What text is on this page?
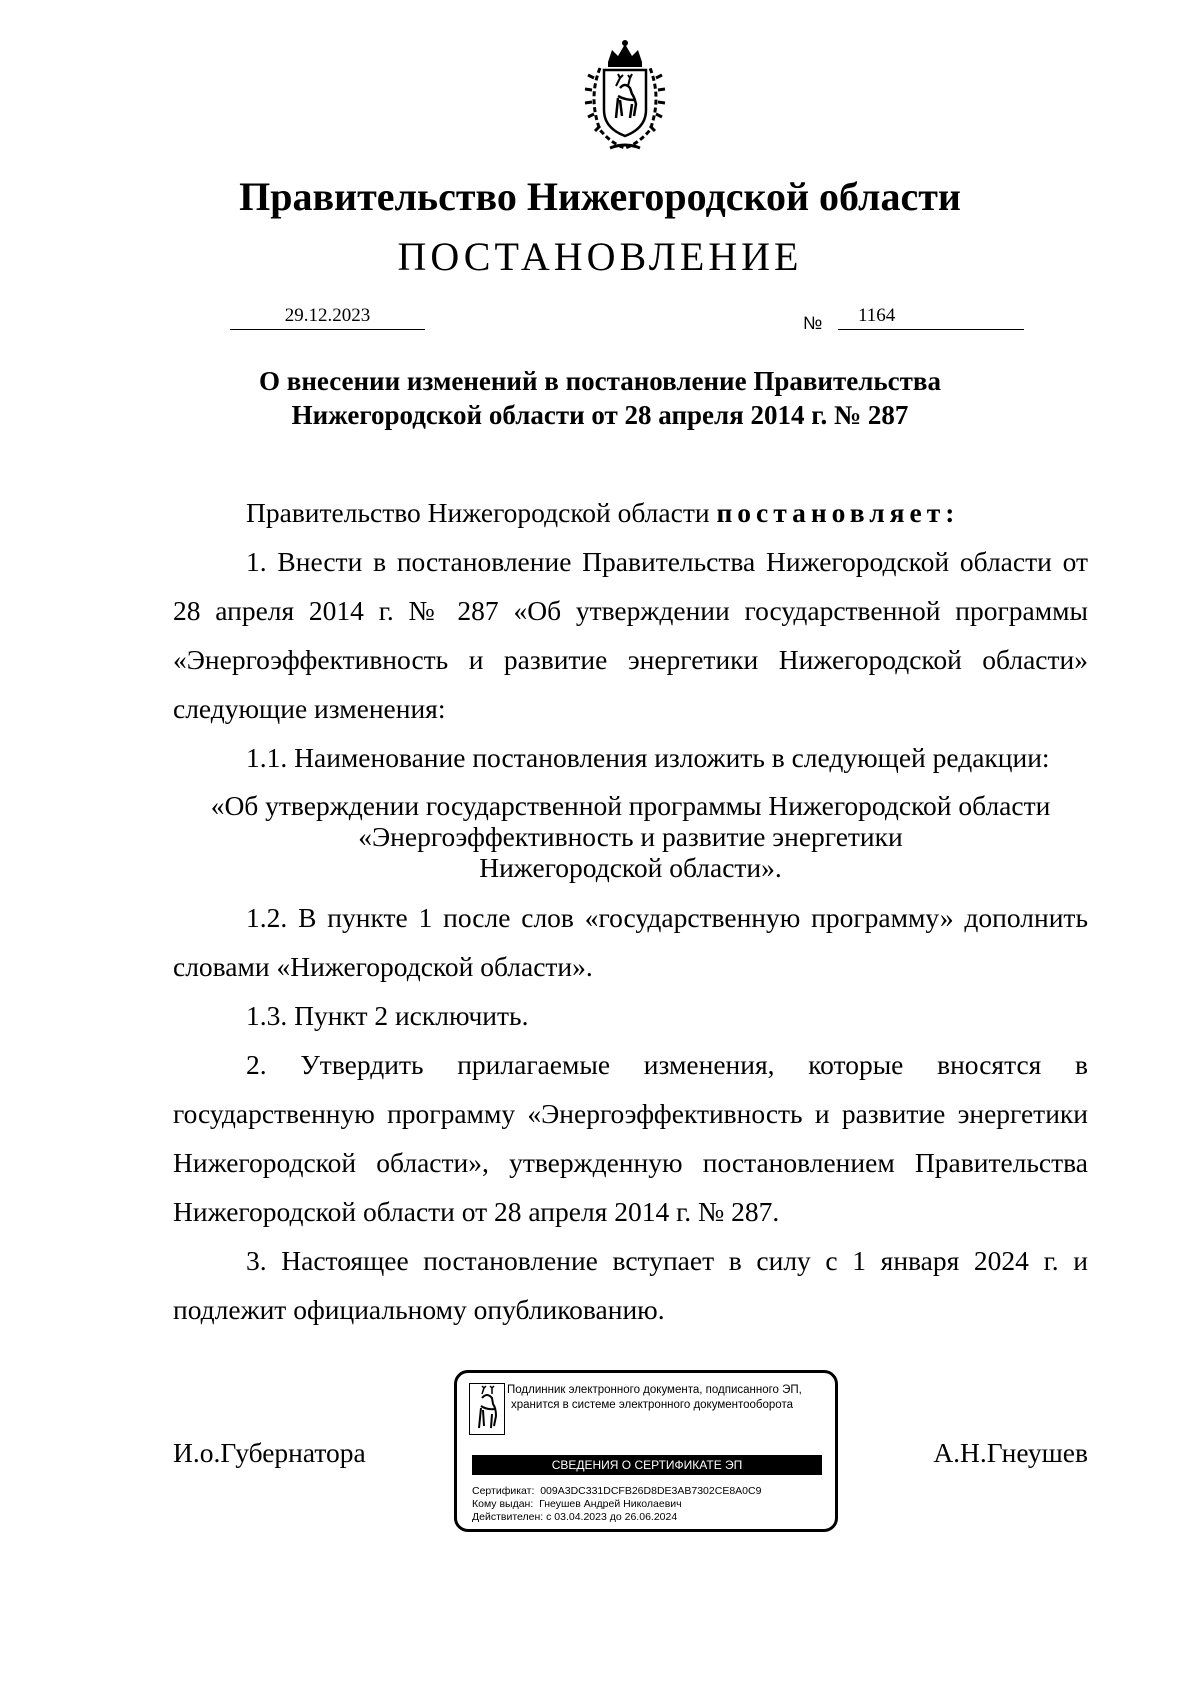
Правительство Нижегородской области
ПОСТАНОВЛЕНИЕ
29.12.2023	№	1164
О внесении изменений в постановление Правительства
Нижегородской области от 28 апреля 2014 г. № 287

Правительство Нижегородской области постановляет:

1. Внести в постановление Правительства Нижегородской области от 28 апреля 2014 г. № 287 «Об утверждении государственной программы «Энергоэффективность и развитие энергетики Нижегородской области» следующие изменения:

1.1. Наименование постановления изложить в следующей редакции:

«Об утверждении государственной программы Нижегородской области
«Энергоэффективность и развитие энергетики
Нижегородской области».

1.2. В пункте 1 после слов «государственную программу» дополнить словами «Нижегородской области».

1.3. Пункт 2 исключить.

2. Утвердить прилагаемые изменения, которые вносятся в государственную программу «Энергоэффективность и развитие энергетики Нижегородской области», утвержденную постановлением Правительства Нижегородской области от 28 апреля 2014 г. № 287.

3. Настоящее постановление вступает в силу с 1 января 2024 г. и подлежит официальному опубликованию.

И.о.Губернатора	А.Н.Гнеушев
Подлинник электронного документа, подписанного ЭП,
хранится в системе электронного документооборота
СВЕДЕНИЯ О СЕРТИФИКАТЕ ЭП
Сертификат: 009A3DC331DCFB26D8DE3AB7302CE8A0C9
Кому выдан: Гнеушев Андрей Николаевич
Действителен: с 03.04.2023 до 26.06.2024
